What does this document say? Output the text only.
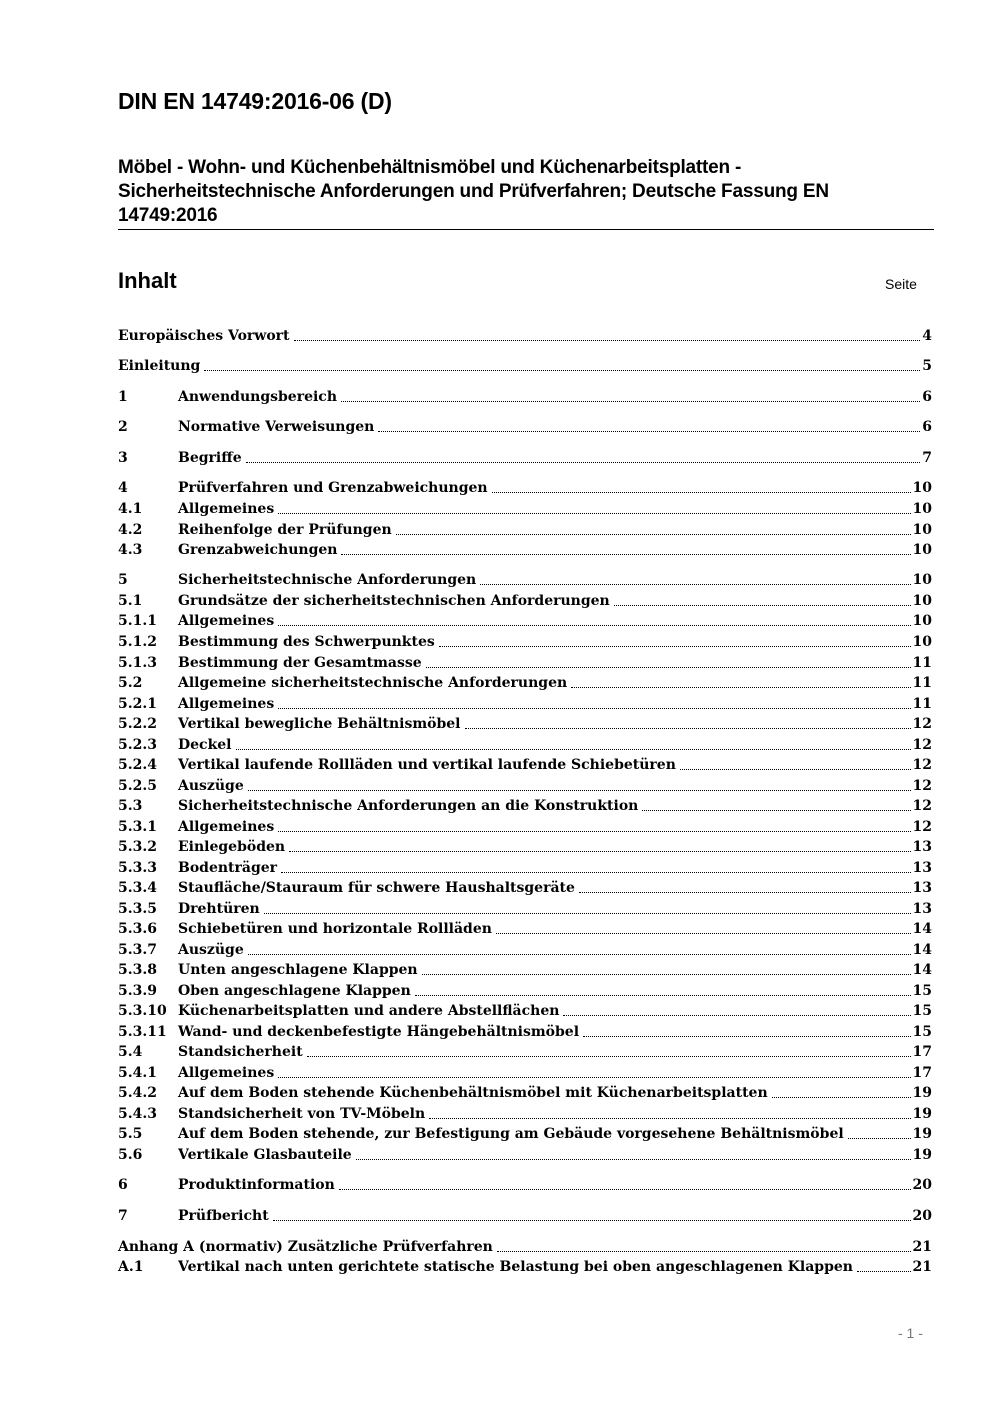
DIN EN 14749:2016-06 (D)
Möbel - Wohn- und Küchenbehältnismöbel und Küchenarbeitsplatten - Sicherheitstechnische Anforderungen und Prüfverfahren; Deutsche Fassung EN 14749:2016
Inhalt	Seite
Europäisches Vorwort	4
Einleitung	5
1	Anwendungsbereich	6
2	Normative Verweisungen	6
3	Begriffe	7
4	Prüfverfahren und Grenzabweichungen	10
4.1	Allgemeines	10
4.2	Reihenfolge der Prüfungen	10
4.3	Grenzabweichungen	10
5	Sicherheitstechnische Anforderungen	10
5.1	Grundsätze der sicherheitstechnischen Anforderungen	10
5.1.1	Allgemeines	10
5.1.2	Bestimmung des Schwerpunktes	10
5.1.3	Bestimmung der Gesamtmasse	11
5.2	Allgemeine sicherheitstechnische Anforderungen	11
5.2.1	Allgemeines	11
5.2.2	Vertikal bewegliche Behältnismöbel	12
5.2.3	Deckel	12
5.2.4	Vertikal laufende Rollläden und vertikal laufende Schiebetüren	12
5.2.5	Auszüge	12
5.3	Sicherheitstechnische Anforderungen an die Konstruktion	12
5.3.1	Allgemeines	12
5.3.2	Einlegeböden	13
5.3.3	Bodenträger	13
5.3.4	Staufläche/Stauraum für schwere Haushaltsgeräte	13
5.3.5	Drehtüren	13
5.3.6	Schiebetüren und horizontale Rollläden	14
5.3.7	Auszüge	14
5.3.8	Unten angeschlagene Klappen	14
5.3.9	Oben angeschlagene Klappen	15
5.3.10 Küchenarbeitsplatten und andere Abstellflächen	15
5.3.11 Wand- und deckenbefestigte Hängebehältnismöbel	15
5.4	Standsicherheit	17
5.4.1	Allgemeines	17
5.4.2	Auf dem Boden stehende Küchenbehältnismöbel mit Küchenarbeitsplatten	19
5.4.3	Standsicherheit von TV-Möbeln	19
5.5	Auf dem Boden stehende, zur Befestigung am Gebäude vorgesehene Behältnismöbel	19
5.6	Vertikale Glasbauteile	19
6	Produktinformation	20
7	Prüfbericht	20
Anhang A (normativ) Zusätzliche Prüfverfahren	21
A.1	Vertikal nach unten gerichtete statische Belastung bei oben angeschlagenen Klappen	21
- 1 -
